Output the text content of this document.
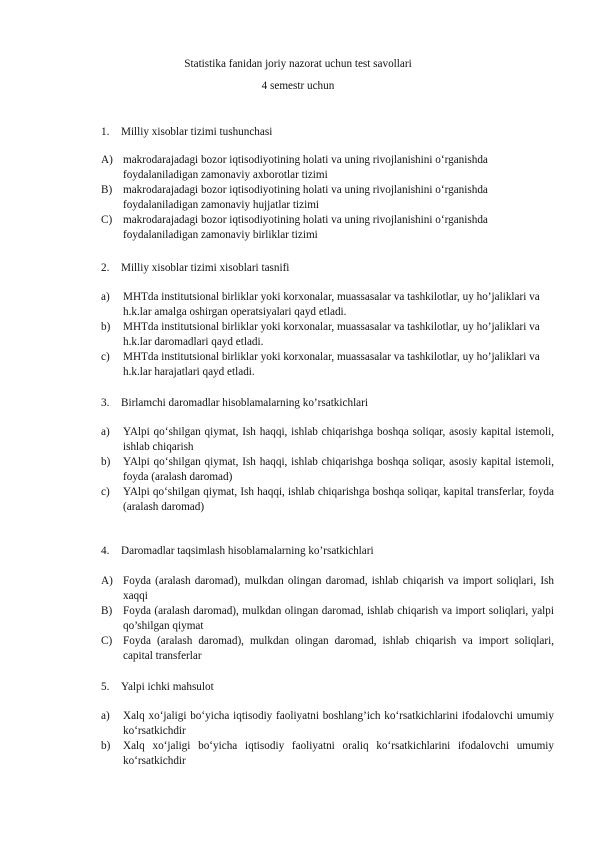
Statistika fanidan joriy nazorat uchun test savollari
4 semestr uchun
1. Milliy xisoblar tizimi tushunchasi
A) makrodarajadagi bozor iqtisodiyotining holati va uning rivojlanishini o‘rganishda foydalaniladigan zamonaviy axborotlar tizimi
B) makrodarajadagi bozor iqtisodiyotining holati va uning rivojlanishini o‘rganishda foydalaniladigan zamonaviy hujjatlar tizimi
C) makrodarajadagi bozor iqtisodiyotining holati va uning rivojlanishini o‘rganishda foydalaniladigan zamonaviy birliklar tizimi
2. Milliy xisoblar tizimi xisoblari tasnifi
a)	MHTda institutsional birliklar yoki korxonalar, muassasalar va tashkilotlar, uy ho’jaliklari va h.k.lar amalga oshirgan operatsiyalari qayd etladi.
b)	MHTda institutsional birliklar yoki korxonalar, muassasalar va tashkilotlar, uy ho’jaliklari va h.k.lar daromadlari qayd etladi.
c)	MHTda institutsional birliklar yoki korxonalar, muassasalar va tashkilotlar, uy ho’jaliklari va h.k.lar harajatlari qayd etladi.
3. Birlamchi daromadlar hisoblamalarning ko’rsatkichlari
a)	YAlpi qo‘shilgan qiymat, Ish haqqi, ishlab chiqarishga boshqa soliqar, asosiy kapital istemoli, ishlab chiqarish
b)	YAlpi qo‘shilgan qiymat, Ish haqqi, ishlab chiqarishga boshqa soliqar, asosiy kapital istemoli, foyda (aralash daromad)
c)	YAlpi qo‘shilgan qiymat, Ish haqqi, ishlab chiqarishga boshqa soliqar, kapital transferlar, foyda (aralash daromad)
4. Daromadlar taqsimlash hisoblamalarning ko’rsatkichlari
A) Foyda (aralash daromad), mulkdan olingan daromad, ishlab chiqarish va import soliqlari, Ish xaqqi
B) Foyda (aralash daromad), mulkdan olingan daromad, ishlab chiqarish va import soliqlari, yalpi qo’shilgan qiymat
C) Foyda (aralash daromad), mulkdan olingan daromad, ishlab chiqarish va import soliqlari, capital transferlar
5. Yalpi ichki mahsulot
a)	Xalq xo‘jaligi bo‘yicha iqtisodiy faoliyatni boshlang’ich ko‘rsatkichlarini ifodalovchi umumiy ko‘rsatkichdir
b)	Xalq xo‘jaligi bo‘yicha iqtisodiy faoliyatni oraliq ko‘rsatkichlarini ifodalovchi umumiy ko‘rsatkichdir
